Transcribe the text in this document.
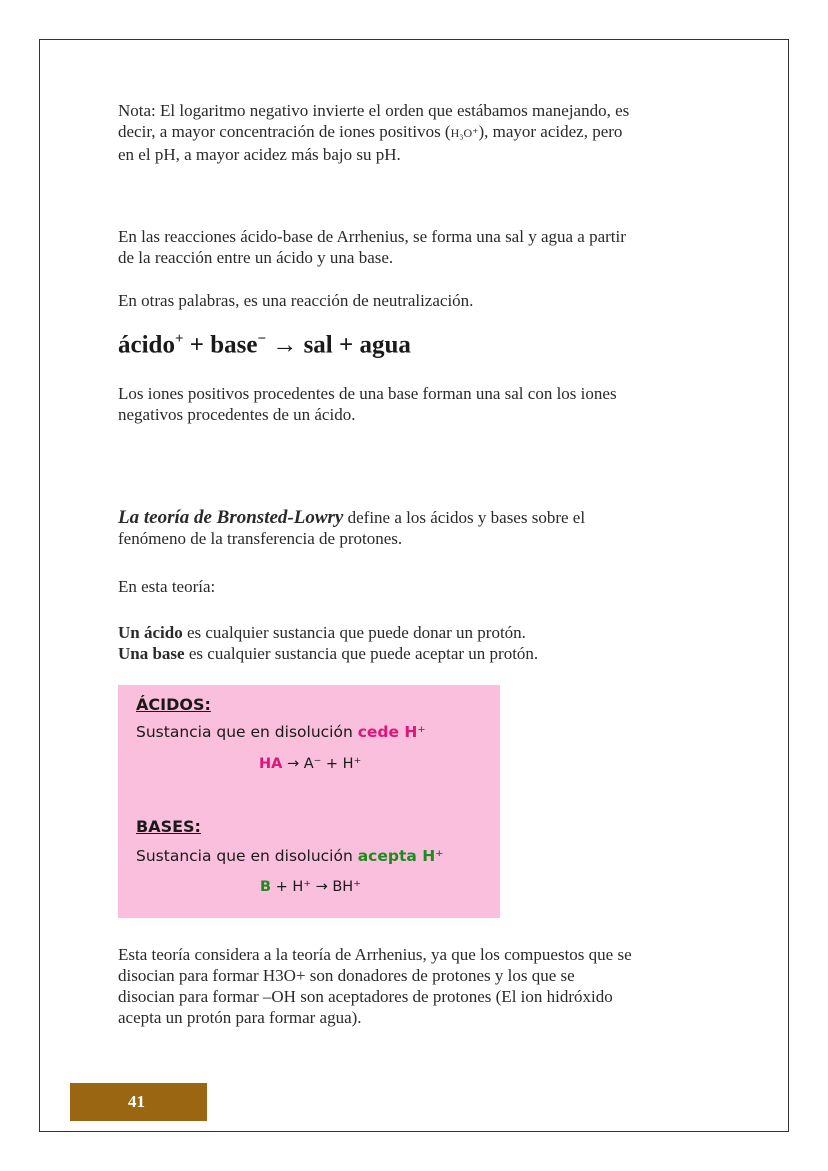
Nota: El logaritmo negativo invierte el orden que estábamos manejando, es
decir, a mayor concentración de iones positivos (H₃O⁺), mayor acidez, pero
en el pH, a mayor acidez más bajo su pH.
En las reacciones ácido-base de Arrhenius, se forma una sal y agua a partir
de la reacción entre un ácido y una base.
En otras palabras, es una reacción de neutralización.
ácido+ + base− → sal + agua
Los iones positivos procedentes de una base forman una sal con los iones
negativos procedentes de un ácido.
La teoría de Bronsted-Lowry define a los ácidos y bases sobre el
fenómeno de la transferencia de protones.
En esta teoría:
Un ácido es cualquier sustancia que puede donar un protón.
Una base es cualquier sustancia que puede aceptar un protón.
ÁCIDOS:
Sustancia que en disolución cede H⁺
HA → A⁻ + H⁺
BASES:
Sustancia que en disolución acepta H⁺
B + H⁺ → BH⁺
Esta teoría considera a la teoría de Arrhenius, ya que los compuestos que se
disocian para formar H3O+ son donadores de protones y los que se
disocian para formar –OH son aceptadores de protones (El ion hidróxido
acepta un protón para formar agua).
41
